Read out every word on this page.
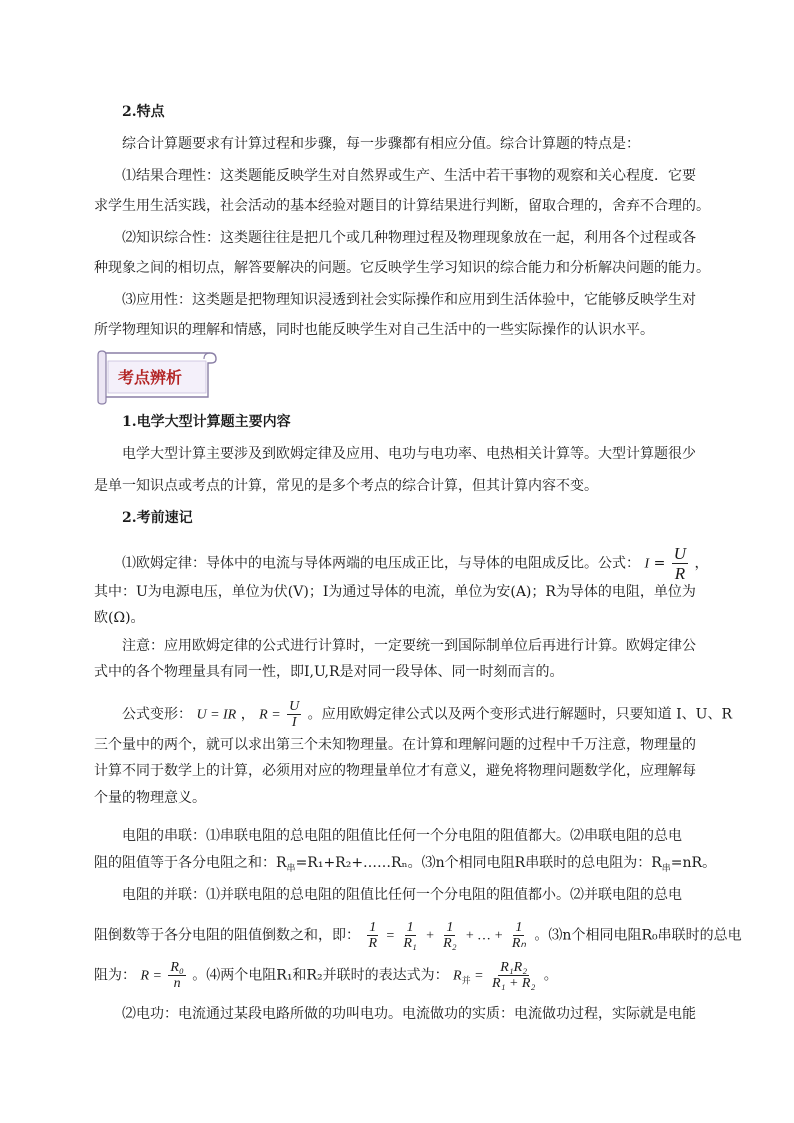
2.特点
综合计算题要求有计算过程和步骤，每一步骤都有相应分值。综合计算题的特点是：
⑴结果合理性：这类题能反映学生对自然界或生产、生活中若干事物的观察和关心程度．它要
求学生用生活实践，社会活动的基本经验对题目的计算结果进行判断，留取合理的，舍弃不合理的。
⑵知识综合性：这类题往往是把几个或几种物理过程及物理现象放在一起，利用各个过程或各
种现象之间的相切点，解答要解决的问题。它反映学生学习知识的综合能力和分析解决问题的能力。
⑶应用性：这类题是把物理知识浸透到社会实际操作和应用到生活体验中，它能够反映学生对
所学物理知识的理解和情感，同时也能反映学生对自己生活中的一些实际操作的认识水平。
考点辨析
1.电学大型计算题主要内容
电学大型计算主要涉及到欧姆定律及应用、电功与电功率、电热相关计算等。大型计算题很少
是单一知识点或考点的计算，常见的是多个考点的综合计算，但其计算内容不变。
2.考前速记
⑴欧姆定律：导体中的电流与导体两端的电压成正比，与导体的电阻成反比。公式： $I = \frac{U}{R}$ ，
其中：U为电源电压，单位为伏(V)；I为通过导体的电流，单位为安(A)；R为导体的电阻，单位为
欧(Ω)。
注意：应用欧姆定律的公式进行计算时，一定要统一到国际制单位后再进行计算。欧姆定律公
式中的各个物理量具有同一性，即I,U,R是对同一段导体、同一时刻而言的。
公式变形： U = IR ， $R = \frac{U}{I}$ 。应用欧姆定律公式以及两个变形式进行解题时，只要知道 I、U、R
三个量中的两个，就可以求出第三个未知物理量。在计算和理解问题的过程中千万注意，物理量的
计算不同于数学上的计算，必须用对应的物理量单位才有意义，避免将物理问题数学化，应理解每
个量的物理意义。
电阻的串联：⑴串联电阻的总电阻的阻值比任何一个分电阻的阻值都大。⑵串联电阻的总电
阻的阻值等于各分电阻之和：$R_串=R_1+R_2+\dots\dots R_n$。⑶n个相同电阻R串联时的总电阻为：$R_串=nR$。
电阻的并联：⑴并联电阻的总电阻的阻值比任何一个分电阻的阻值都小。⑵并联电阻的总电
阻倒数等于各分电阻的阻值倒数之和，即： $\frac{1}{R} = \frac{1}{\text{R₁}} + \frac{1}{\text{R₂}}$ + … + $\frac{1}{\text{Rₙ}}$ 。⑶n个相同电阻R₀串联时的总电
阻为： $R = \frac{\text{R₀}}{n}$ 。⑷两个电阻R₁和R₂并联时的表达式为： $R_并 = \frac{\text{R₁R₂}}{\text{R₁ + R₂}}$ 。
⑵电功：电流通过某段电路所做的功叫电功。电流做功的实质：电流做功过程，实际就是电能
